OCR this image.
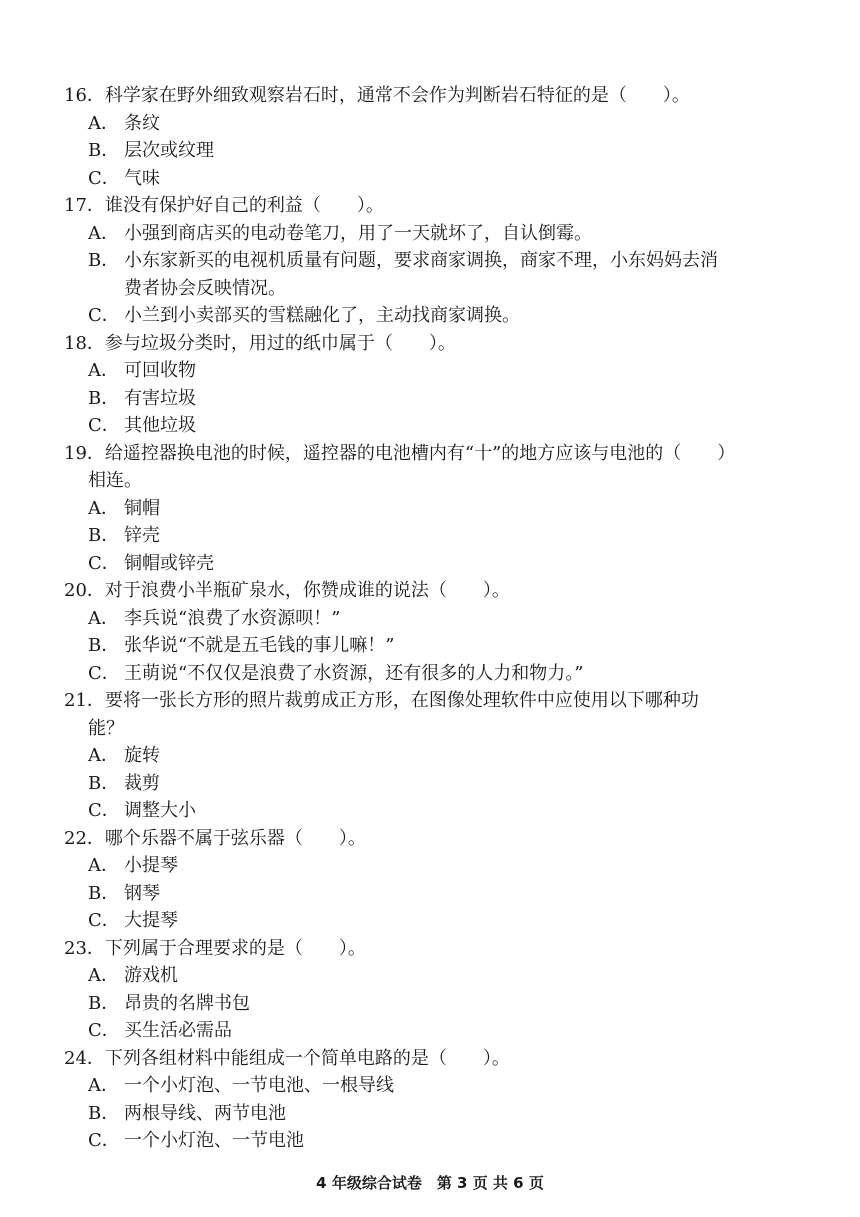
16．科学家在野外细致观察岩石时，通常不会作为判断岩石特征的是（　　）。

A． 条纹

B． 层次或纹理

C． 气味

17．谁没有保护好自己的利益（　　）。

A． 小强到商店买的电动卷笔刀，用了一天就坏了，自认倒霉。

B． 小东家新买的电视机质量有问题，要求商家调换，商家不理，小东妈妈去消
费者协会反映情况。

C． 小兰到小卖部买的雪糕融化了，主动找商家调换。

18．参与垃圾分类时，用过的纸巾属于（　　）。

A． 可回收物

B． 有害垃圾

C． 其他垃圾

19．给遥控器换电池的时候，遥控器的电池槽内有“十”的地方应该与电池的（　　）
相连。

A． 铜帽

B． 锌壳

C． 铜帽或锌壳

20．对于浪费小半瓶矿泉水，你赞成谁的说法（　　）。

A． 李兵说“浪费了水资源呗！”

B． 张华说“不就是五毛钱的事儿嘛！”

C． 王萌说“不仅仅是浪费了水资源，还有很多的人力和物力。”

21．要将一张长方形的照片裁剪成正方形，在图像处理软件中应使用以下哪种功
能？

A． 旋转

B． 裁剪

C． 调整大小

22．哪个乐器不属于弦乐器（　　）。

A． 小提琴

B． 钢琴

C． 大提琴

23．下列属于合理要求的是（　　）。

A． 游戏机

B． 昂贵的名牌书包

C． 买生活必需品

24．下列各组材料中能组成一个简单电路的是（　　）。

A． 一个小灯泡、一节电池、一根导线

B． 两根导线、两节电池

C． 一个小灯泡、一节电池

4 年级综合试卷　第 3 页 共 6 页
